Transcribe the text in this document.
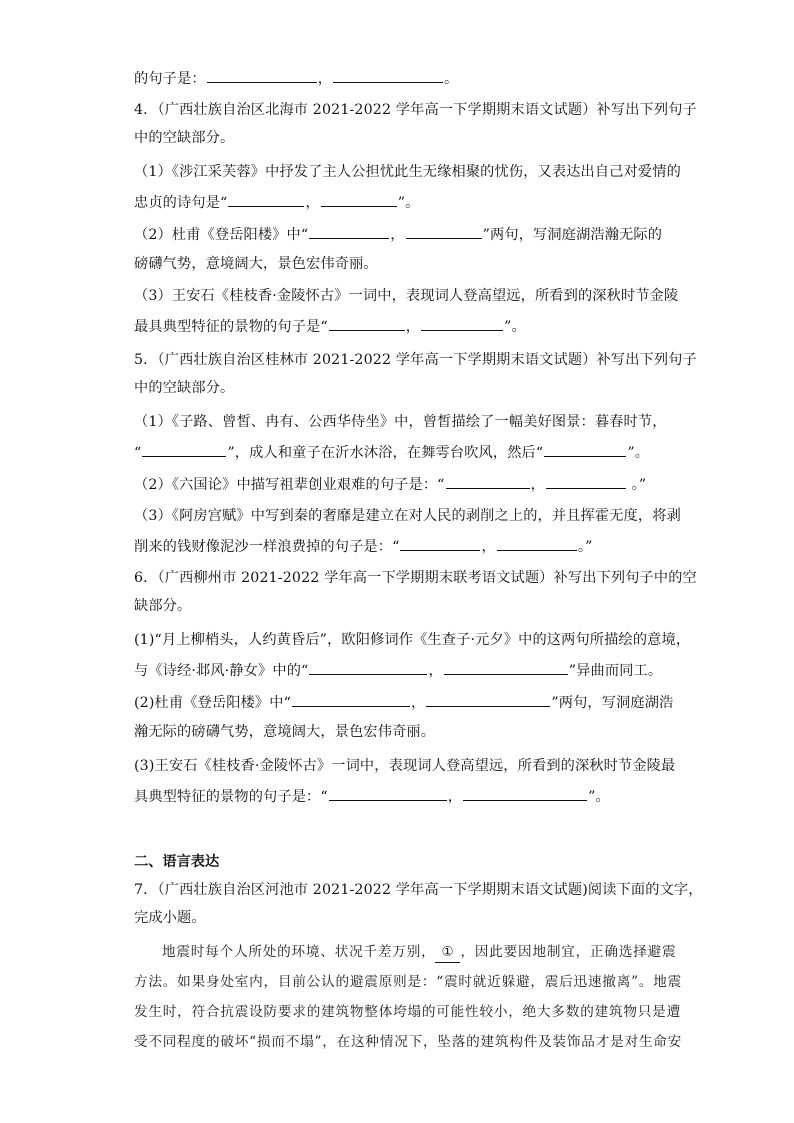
的句子是：	，	。
4．（广西壮族自治区北海市 2021-2022 学年高一下学期期末语文试题）补写出下列句子
中的空缺部分。
（1）《涉江采芙蓉》中抒发了主人公担忧此生无缘相聚的忧伤，又表达出自己对爱情的
忠贞的诗句是“	，	”。
（2）杜甫《登岳阳楼》中“	，	”两句，写洞庭湖浩瀚无际的
磅礴气势，意境阔大，景色宏伟奇丽。
（3）王安石《桂枝香·金陵怀古》一词中，表现词人登高望远，所看到的深秋时节金陵
最具典型特征的景物的句子是“	，	”。
5．（广西壮族自治区桂林市 2021-2022 学年高一下学期期末语文试题）补写出下列句子
中的空缺部分。
（1）《子路、曾皙、冉有、公西华侍坐》中，曾皙描绘了一幅美好图景：暮春时节，
“	”，成人和童子在沂水沐浴，在舞雩台吹风，然后“	”。
（2）《六国论》中描写祖辈创业艰难的句子是：“	，	。”
（3）《阿房宫赋》中写到秦的奢靡是建立在对人民的剥削之上的，并且挥霍无度，将剥
削来的钱财像泥沙一样浪费掉的句子是：“	，	。”
6．（广西柳州市 2021-2022 学年高一下学期期末联考语文试题）补写出下列句子中的空
缺部分。
(1)“月上柳梢头，人约黄昏后”，欧阳修词作《生查子·元夕》中的这两句所描绘的意境，
与《诗经·邶风·静女》中的“	，	”异曲而同工。
(2)杜甫《登岳阳楼》中“	，	”两句，写洞庭湖浩
瀚无际的磅礴气势，意境阔大，景色宏伟奇丽。
(3)王安石《桂枝香·金陵怀古》一词中，表现词人登高望远，所看到的深秋时节金陵最
具典型特征的景物的句子是：“	，	”。
二、语言表达
7．（广西壮族自治区河池市 2021-2022 学年高一下学期期末语文试题)阅读下面的文字，
完成小题。
地震时每个人所处的环境、状况千差万别， ① ，因此要因地制宜，正确选择避震
方法。如果身处室内，目前公认的避震原则是：“震时就近躲避，震后迅速撤离”。地震
发生时，符合抗震设防要求的建筑物整体垮塌的可能性较小，绝大多数的建筑物只是遭
受不同程度的破坏“损而不塌”，在这种情况下，坠落的建筑构件及装饰品才是对生命安
